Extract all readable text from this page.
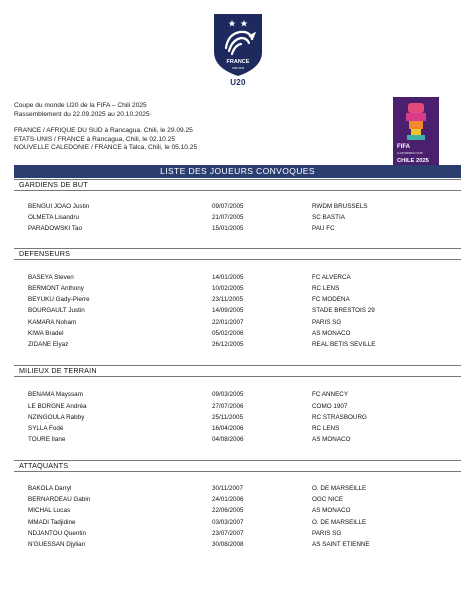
FRANCE
1998 2018
U20
Coupe du monde U20 de la FIFA – Chili 2025
Rassemblement du 22.09.2025 au 20.10.2025
FRANCE / AFRIQUE DU SUD à Rancagua, Chili, le 29.09.25
ETATS-UNIS / FRANCE à Rancagua, Chili, le 02.10.25
NOUVELLE CALEDONIE / FRANCE à Talca, Chili, le 05.10.25	FIFA
U-20 WORLD CUP
CHILE 2025
LISTE DES JOUEURS CONVOQUES
GARDIENS DE BUT
BENGUI JOAO Justin	09/07/2005	RWDM BRUSSELS
OLMETA Lisandru	21/07/2005	SC BASTIA
PARADOWSKI Tao	15/01/2005	PAU FC
DEFENSEURS
BASEYA Steven	14/01/2005	FC ALVERCA
BERMONT Anthony	10/02/2005	RC LENS
BEYUKU Gady-Pierre	23/11/2005	FC MODENA
BOURGAULT Justin	14/09/2005	STADE BRESTOIS 29
KAMARA Noham	22/01/2007	PARIS SG
KIWA Bradel	05/02/2006	AS MONACO
ZIDANE Elyaz	26/12/2005	REAL BETIS SEVILLE
MILIEUX DE TERRAIN
BENAMA Mayssam	09/03/2005	FC ANNECY
LE BORGNE Andréa	27/07/2006	COMO 1907
NZINGOULA Rabby	25/11/2005	RC STRASBOURG
SYLLA Fodé	16/04/2006	RC LENS
TOURE Ilane	04/08/2006	AS MONACO
ATTAQUANTS
BAKOLA Darryl	30/11/2007	O. DE MARSEILLE
BERNARDEAU Gabin	24/01/2006	OGC NICE
MICHAL Lucas	22/06/2005	AS MONACO
MMADI Tadjidine	03/03/2007	O. DE MARSEILLE
NDJANTOU Quentin	23/07/2007	PARIS SG
N'GUESSAN Djylian	30/08/2008	AS SAINT ETIENNE
